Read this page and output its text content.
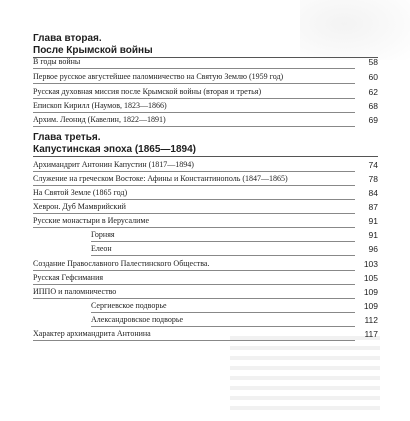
Глава вторая.
После Крымской войны
В годы войны	58
Первое русское августейшее паломничество на Святую Землю (1959 год)	60
Русская духовная миссия после Крымской войны (вторая и третья)	62
Епископ Кирилл (Наумов, 1823—1866)	68
Архим. Леонид (Кавелин, 1822—1891)	69
Глава третья.
Капустинская эпоха (1865—1894)
Архимандрит Антонин Капустин (1817—1894)	74
Служение на греческом Востоке: Афины и Константинополь (1847—1865)	78
На Святой Земле (1865 год)	84
Хеврон. Дуб Мамврийский	87
Русские монастыри в Иерусалиме	91
Горняя	91
Елеон	96
Создание Православного Палестинского Общества.	103
Русская Гефсимания	105
ИППО и паломничество	109
Сергиевское подворье	109
Александровское подворье	112
Характер архимандрита Антонина	117
